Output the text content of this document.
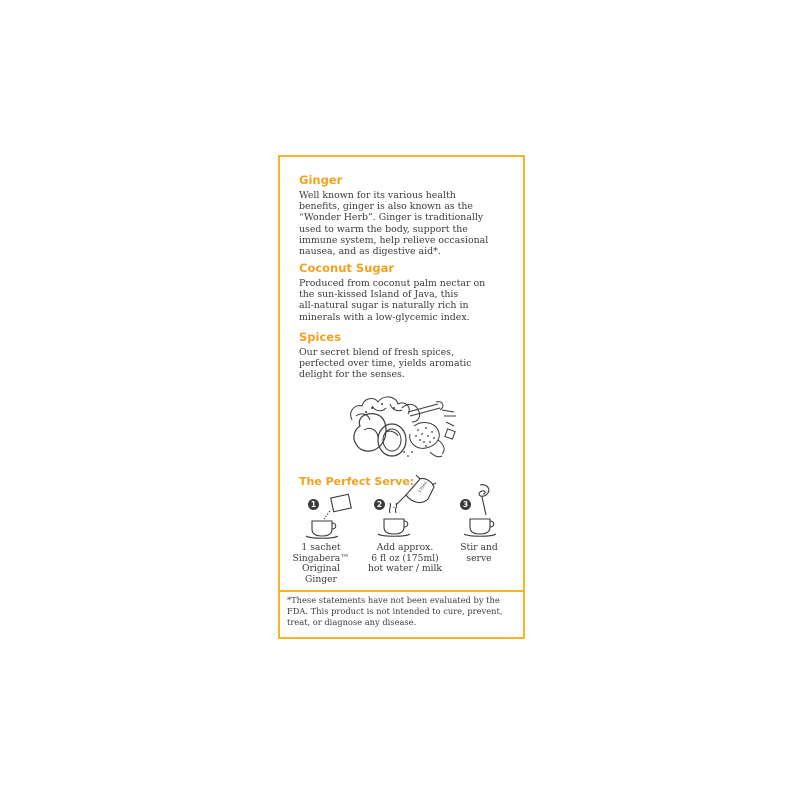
Ginger

Well known for its various health
benefits, ginger is also known as the
“Wonder Herb”. Ginger is traditionally
used to warm the body, support the
immune system, help relieve occasional
nausea, and as digestive aid*.

Coconut Sugar

Produced from coconut palm nectar on
the sun-kissed Island of Java, this
all-natural sugar is naturally rich in
minerals with a low-glycemic index.

Spices

Our secret blend of fresh spices,
perfected over time, yields aromatic
delight for the senses.

The Perfect Serve:
1
1 sachet
Singabera™
Original
Ginger
2
175ml
Add approx.
6 fl oz (175ml)
hot water / milk
3
Stir and
serve
*These statements have not been evaluated by the
FDA. This product is not intended to cure, prevent,
treat, or diagnose any disease.
